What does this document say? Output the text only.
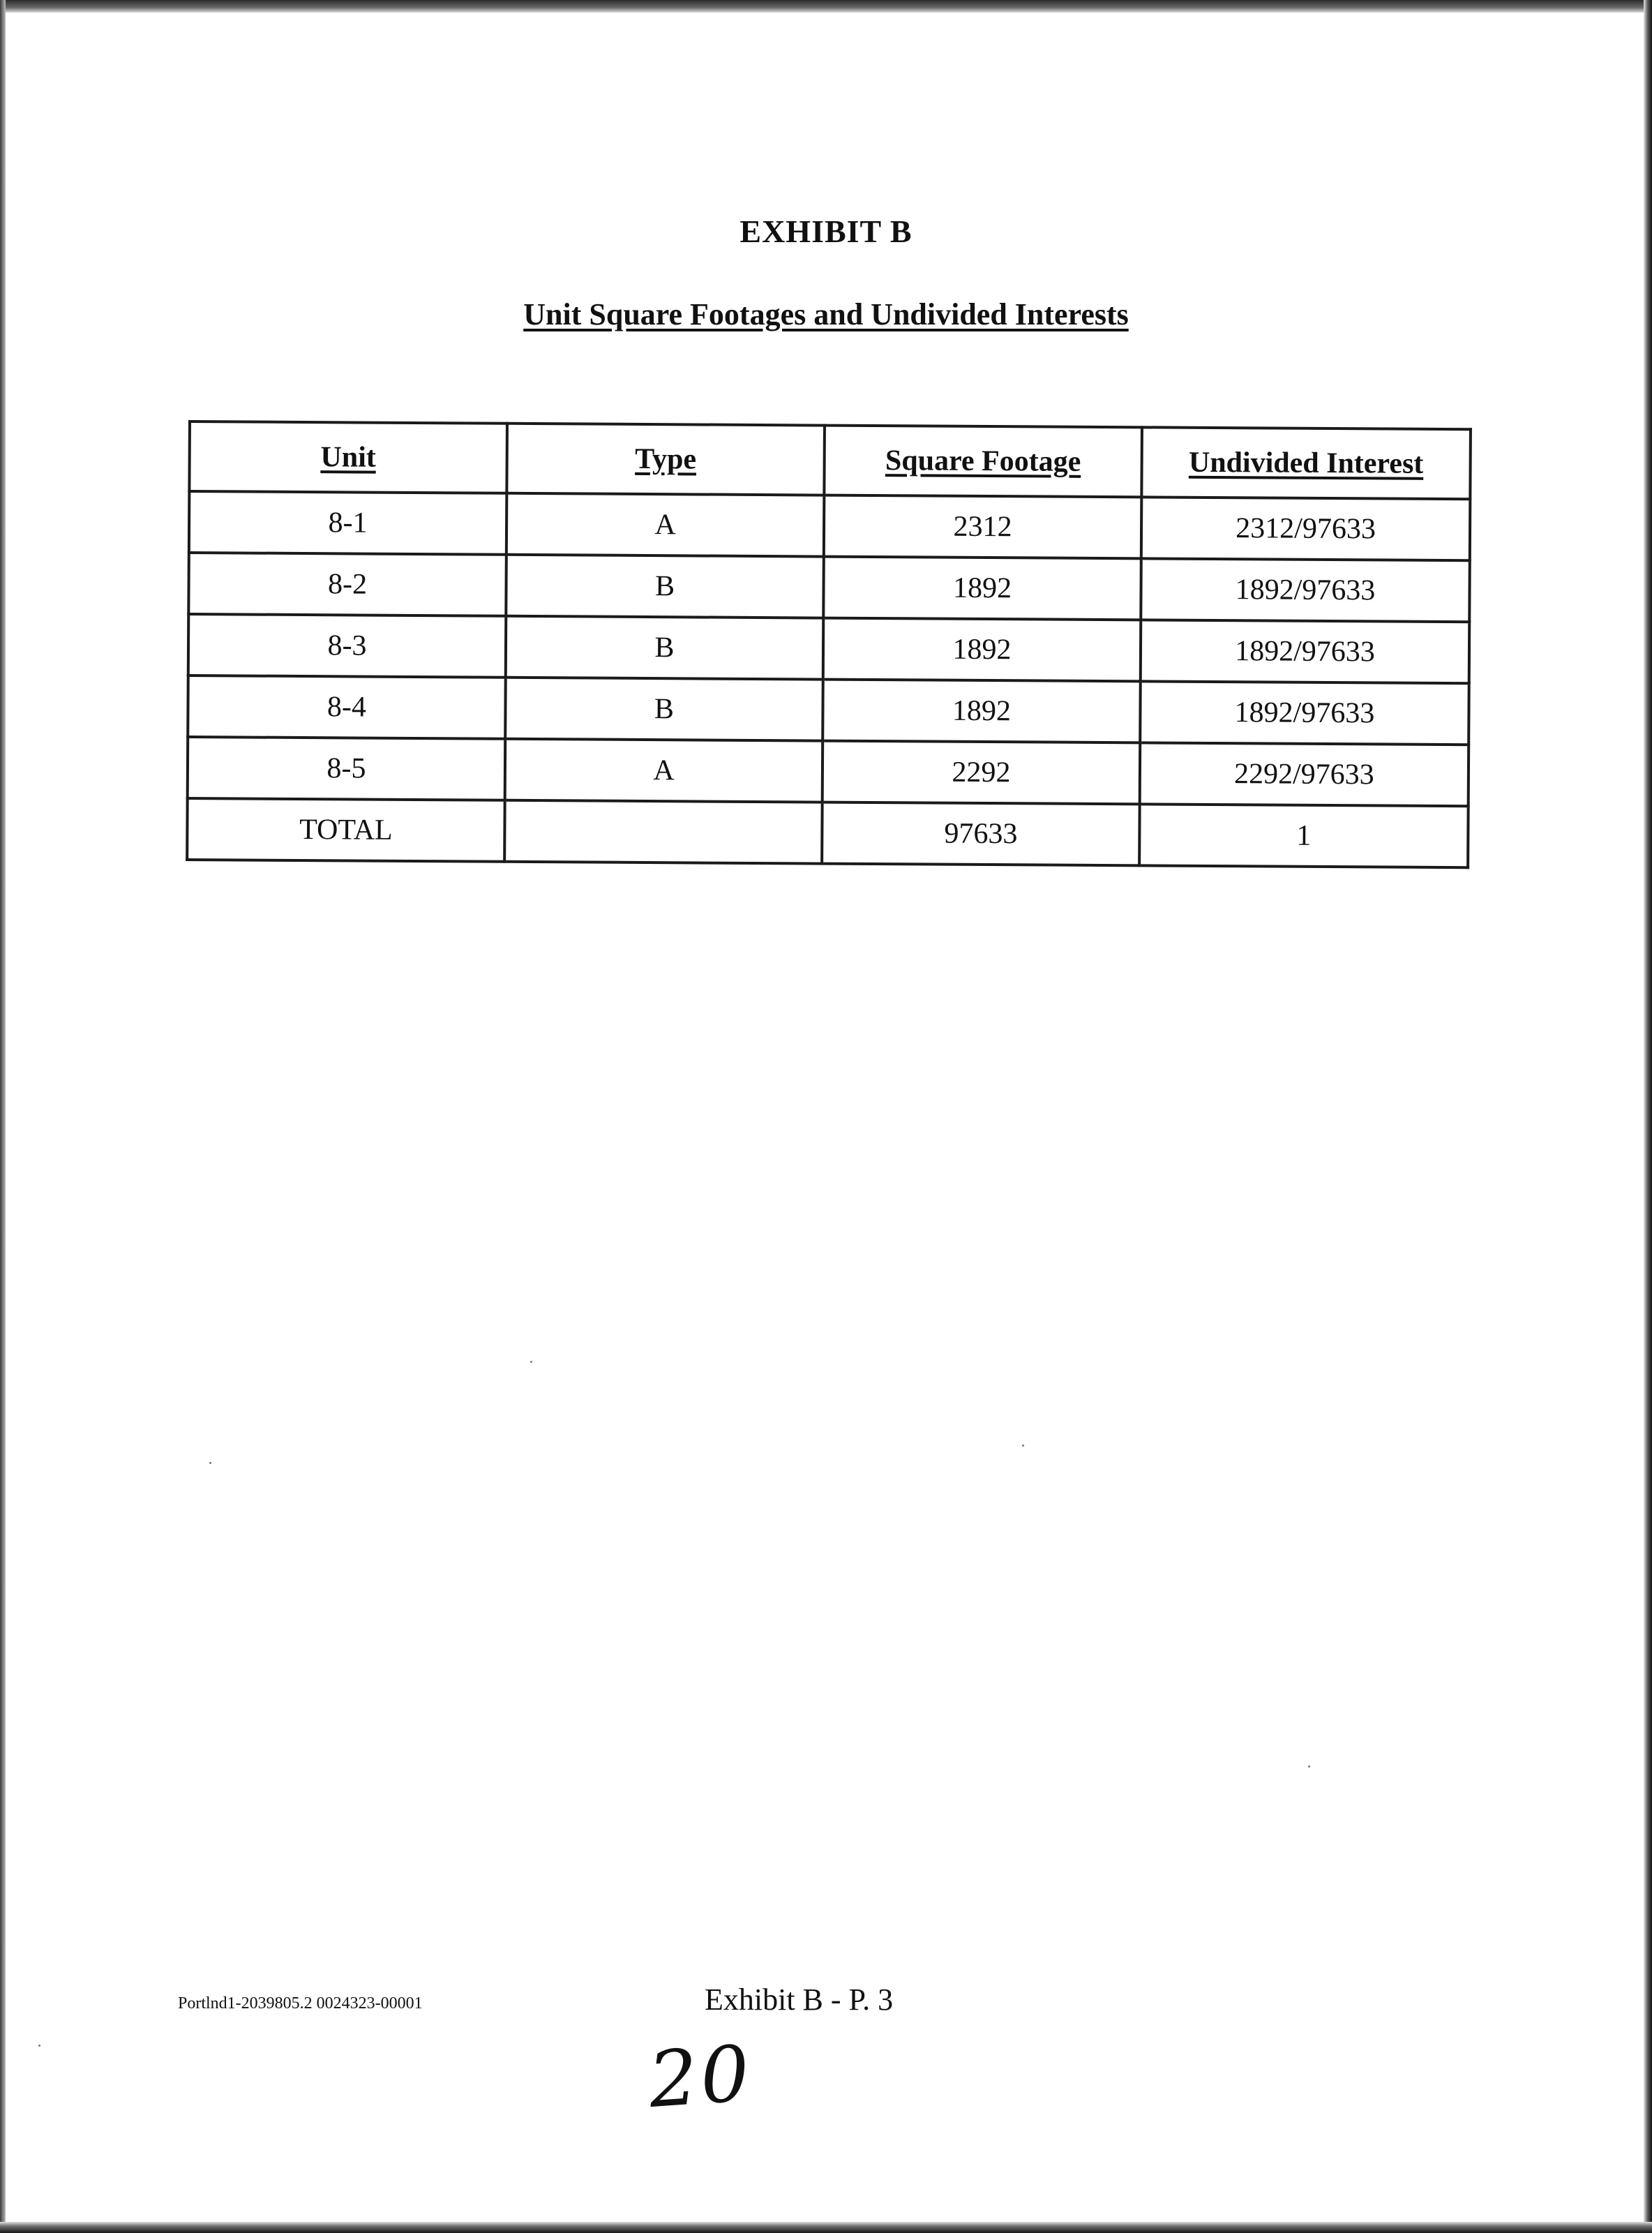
EXHIBIT B
Unit Square Footages and Undivided Interests
Unit	Type	Square Footage	Undivided Interest
8-1	A	2312	2312/97633
8-2	B	1892	1892/97633
8-3	B	1892	1892/97633
8-4	B	1892	1892/97633
8-5	A	2292	2292/97633
TOTAL		97633	1
Portlnd1-2039805.2 0024323-00001	Exhibit B - P. 3
20
